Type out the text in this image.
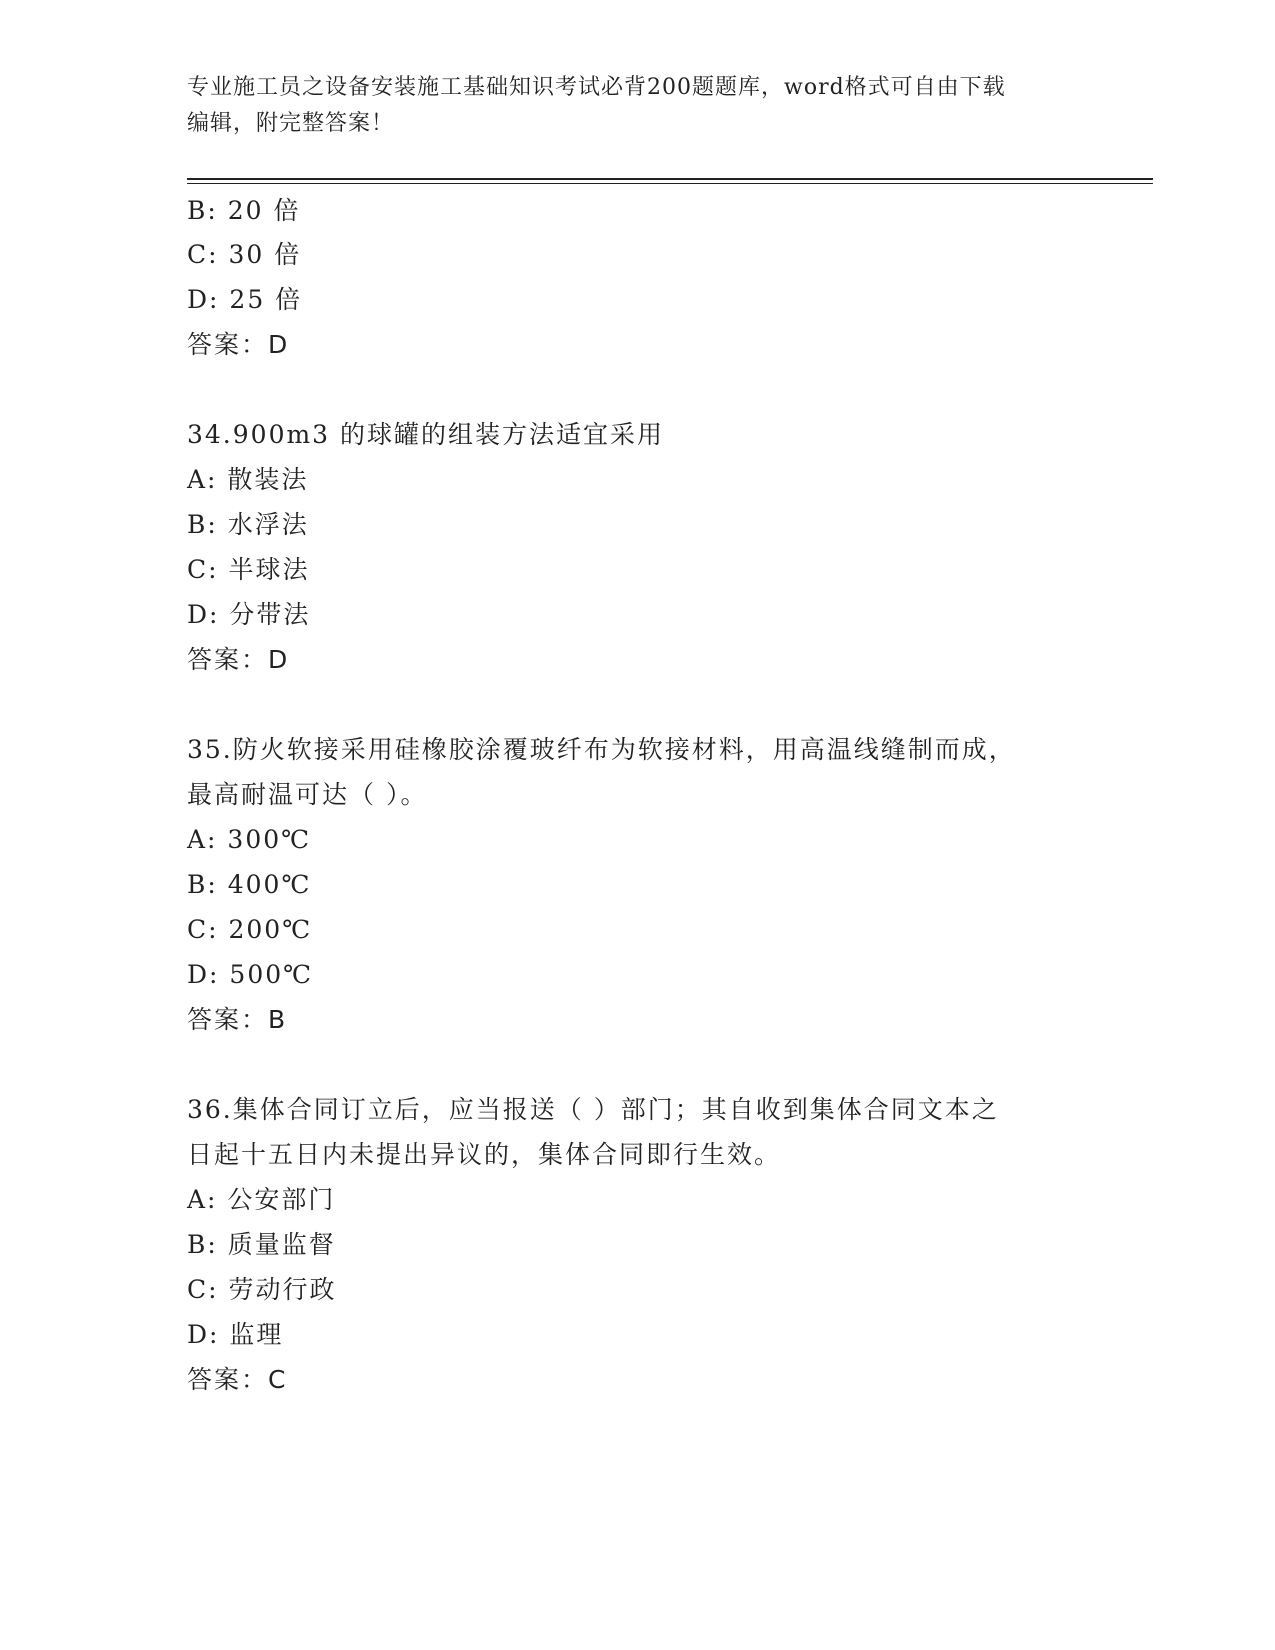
专业施工员之设备安装施工基础知识考试必背200题题库，word格式可自由下载
编辑，附完整答案！
B: 20 倍
C: 30 倍
D: 25 倍
答案：D
34.900m3 的球罐的组装方法适宜采用
A: 散装法
B: 水浮法
C: 半球法
D: 分带法
答案：D
35.防火软接采用硅橡胶涂覆玻纤布为软接材料，用高温线缝制而成，
最高耐温可达（ ）。
A: 300℃
B: 400℃
C: 200℃
D: 500℃
答案：B
36.集体合同订立后，应当报送（ ）部门；其自收到集体合同文本之
日起十五日内未提出异议的，集体合同即行生效。
A: 公安部门
B: 质量监督
C: 劳动行政
D: 监理
答案：C
